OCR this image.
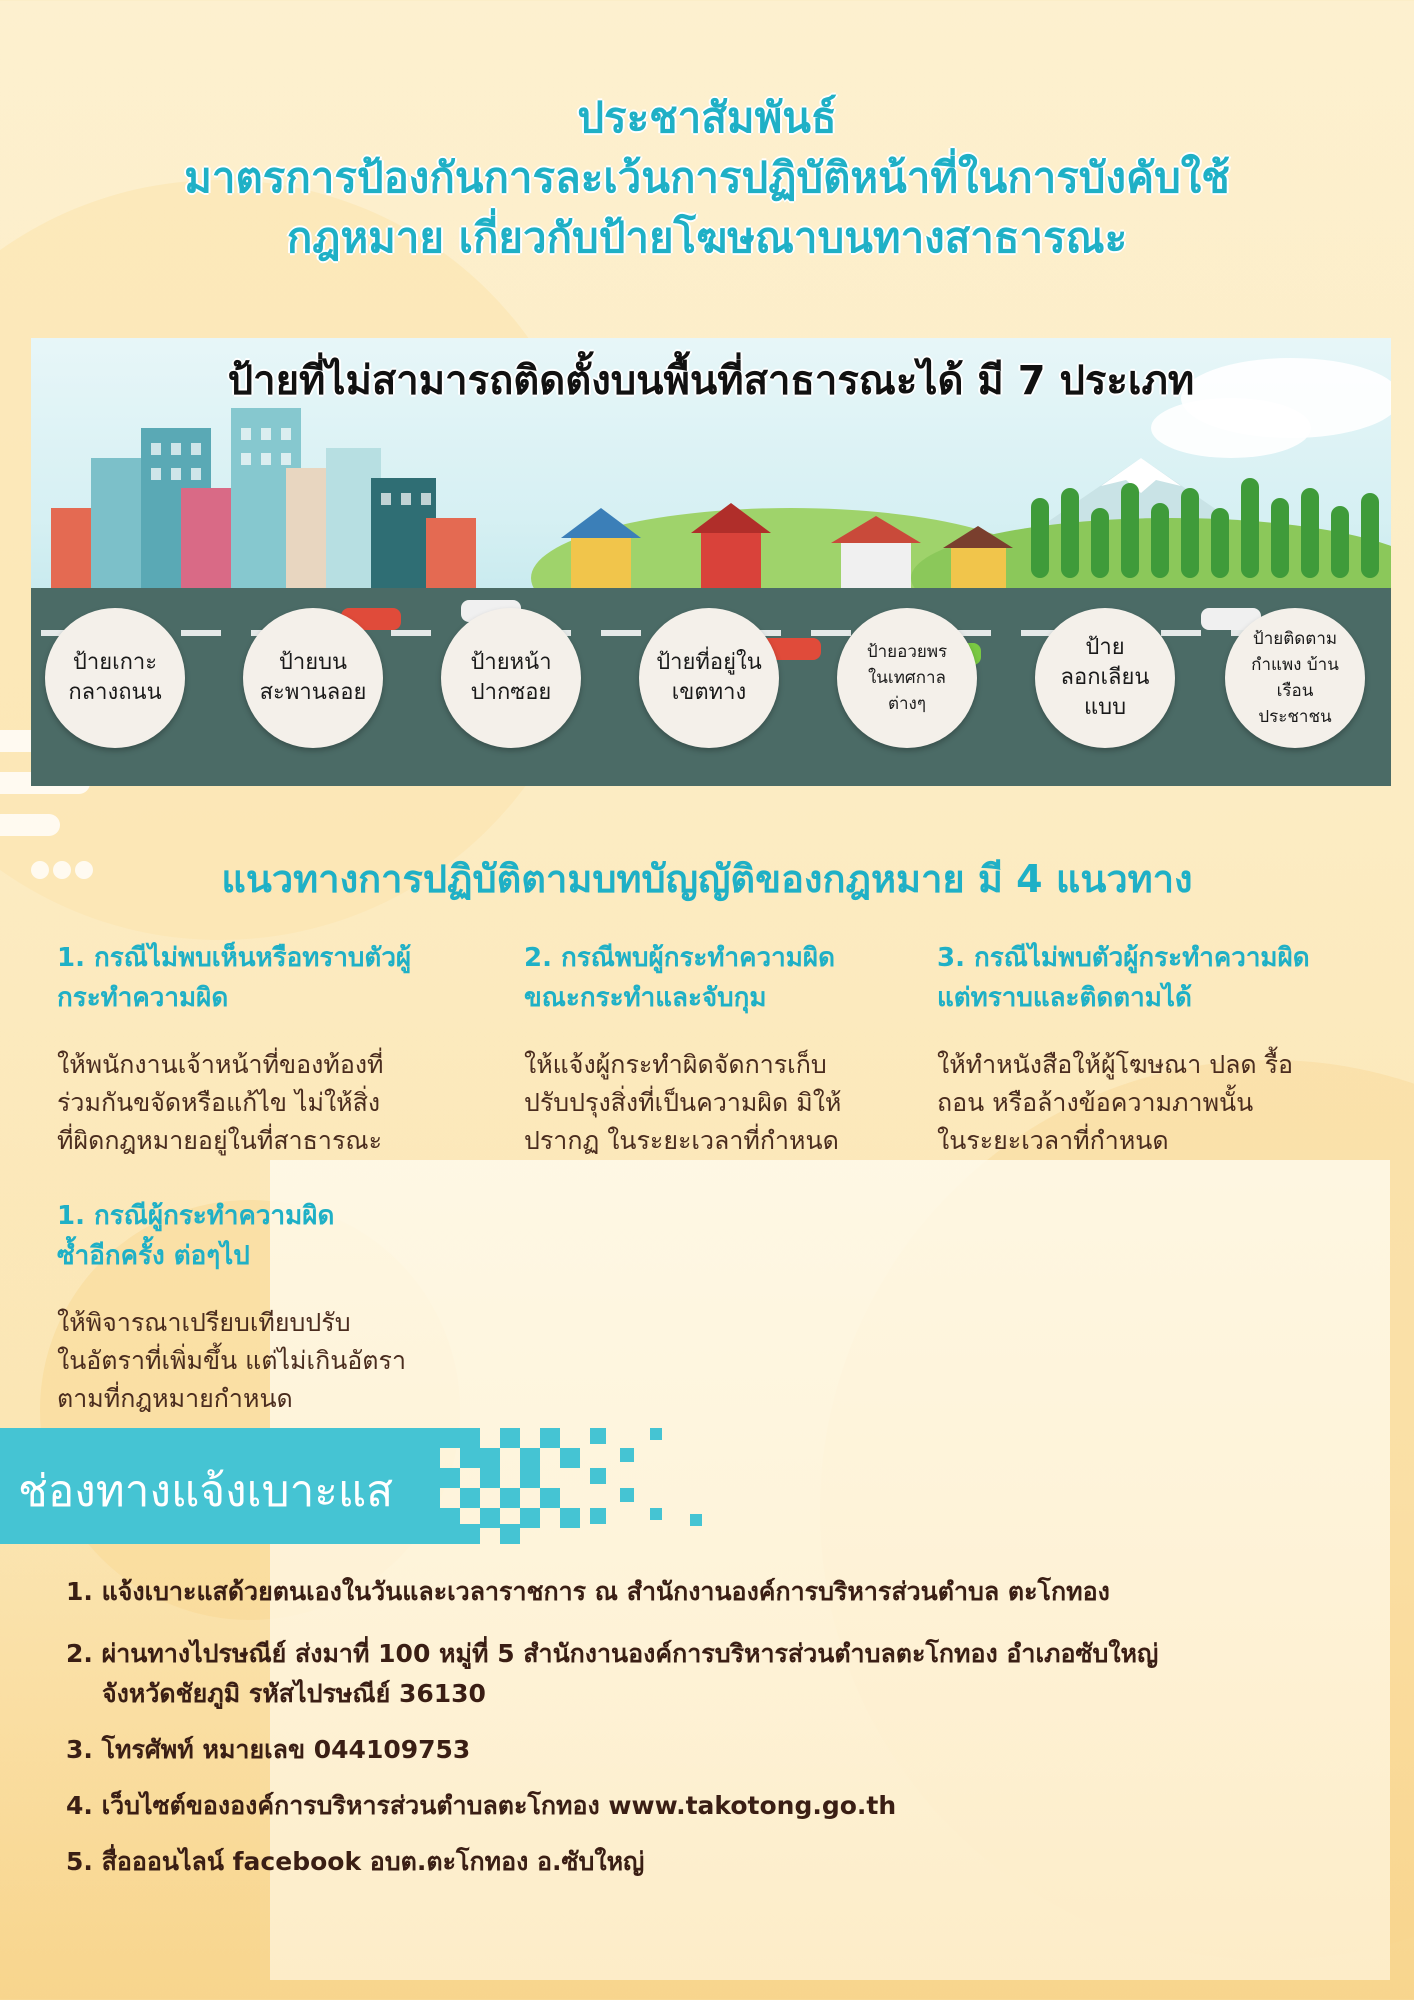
ประชาสัมพันธ์
มาตรการป้องกันการละเว้นการปฏิบัติหน้าที่ในการบังคับใช้
กฎหมาย เกี่ยวกับป้ายโฆษณาบนทางสาธารณะ
ป้ายที่ไม่สามารถติดตั้งบนพื้นที่สาธารณะได้ มี 7 ประเภท
ป้ายเกาะ
กลางถนน
ป้ายบน
สะพานลอย
ป้ายหน้า
ปากซอย
ป้ายที่อยู่ใน
เขตทาง
ป้ายอวยพร
ในเทศกาล
ต่างๆ
ป้าย
ลอกเลียน
แบบ
ป้ายติดตาม
กำแพง บ้านเรือน
ประชาชน
แนวทางการปฏิบัติตามบทบัญญัติของกฎหมาย มี 4 แนวทาง
1. กรณีไม่พบเห็นหรือทราบตัวผู้
กระทำความผิด
ให้พนักงานเจ้าหน้าที่ของท้องที่
ร่วมกันขจัดหรือแก้ไข ไม่ให้สิ่ง
ที่ผิดกฎหมายอยู่ในที่สาธารณะ
2. กรณีพบผู้กระทำความผิด
ขณะกระทำและจับกุม
ให้แจ้งผู้กระทำผิดจัดการเก็บ
ปรับปรุงสิ่งที่เป็นความผิด มิให้
ปรากฏ ในระยะเวลาที่กำหนด
3. กรณีไม่พบตัวผู้กระทำความผิด
แต่ทราบและติดตามได้
ให้ทำหนังสือให้ผู้โฆษณา ปลด รื้อ
ถอน หรือล้างข้อความภาพนั้น
ในระยะเวลาที่กำหนด
1. กรณีผู้กระทำความผิด
ซ้ำอีกครั้ง ต่อๆไป
ให้พิจารณาเปรียบเทียบปรับ
ในอัตราที่เพิ่มขึ้น แต่ไม่เกินอัตรา
ตามที่กฎหมายกำหนด
ช่องทางแจ้งเบาะแส
1. แจ้งเบาะแสด้วยตนเองในวันและเวลาราชการ ณ สำนักงานองค์การบริหารส่วนตำบล ตะโกทอง
2. ผ่านทางไปรษณีย์ ส่งมาที่ 100 หมู่ที่ 5 สำนักงานองค์การบริหารส่วนตำบลตะโกทอง อำเภอซับใหญ่
จังหวัดชัยภูมิ รหัสไปรษณีย์ 36130
3. โทรศัพท์ หมายเลข 044109753
4. เว็บไซต์ขององค์การบริหารส่วนตำบลตะโกทอง www.takotong.go.th
5. สื่อออนไลน์ facebook อบต.ตะโกทอง อ.ซับใหญ่
